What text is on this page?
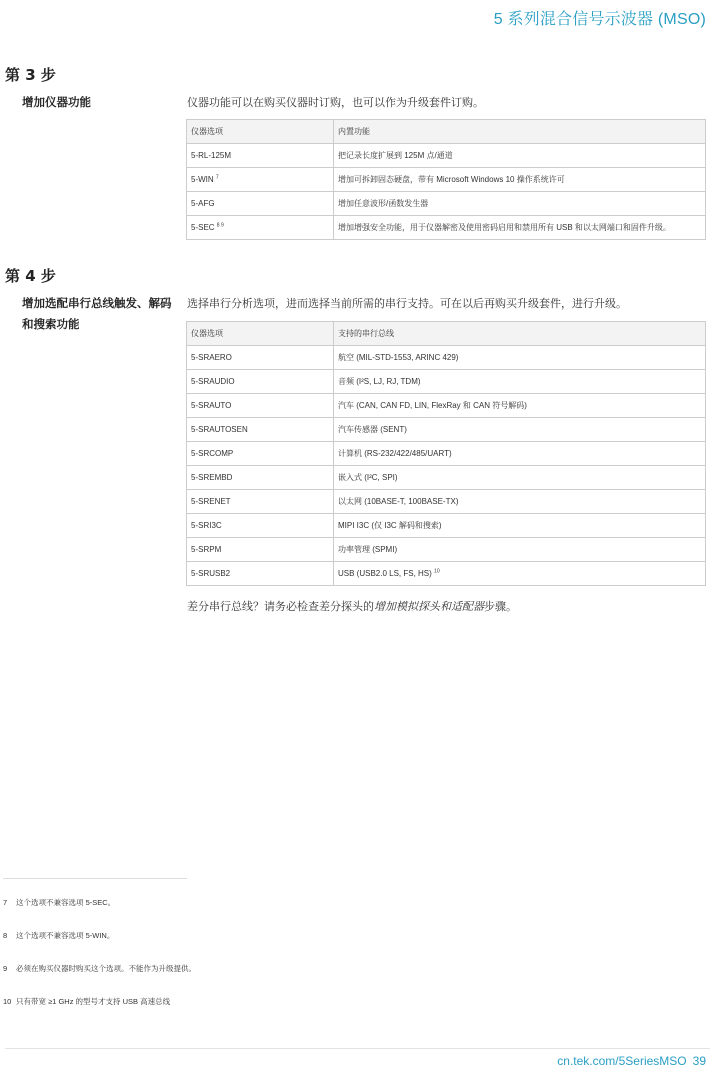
5 系列混合信号示波器 (MSO)
第 3 步
增加仪器功能	仪器功能可以在购买仪器时订购，也可以作为升级套件订购。
仪器选项	内置功能
5-RL-125M	把记录长度扩展到 125M 点/通道
5-WIN $^7$	增加可拆卸固态硬盘，带有 Microsoft Windows 10 操作系统许可
5-AFG	增加任意波形/函数发生器
5-SEC $^{8 9}$	增加增强安全功能，用于仪器解密及使用密码启用和禁用所有 USB 和以太网端口和固件升级。
第 4 步
增加选配串行总线触发、解码和搜索功能
选择串行分析选项，进而选择当前所需的串行支持。可在以后再购买升级套件，进行升级。
仪器选项	支持的串行总线
5-SRAERO	航空 (MIL-STD-1553, ARINC 429)
5-SRAUDIO	音频 (I²S, LJ, RJ, TDM)
5-SRAUTO	汽车 (CAN, CAN FD, LIN, FlexRay 和 CAN 符号解码)
5-SRAUTOSEN	汽车传感器 (SENT)
5-SRCOMP	计算机 (RS-232/422/485/UART)
5-SREMBD	嵌入式 (I²C, SPI)
5-SRENET	以太网 (10BASE-T, 100BASE-TX)
5-SRI3C	MIPI I3C (仅 I3C 解码和搜索)
5-SRPM	功率管理 (SPMI)
5-SRUSB2	USB (USB2.0 LS, FS, HS) $^{10}$
差分串行总线？请务必检查差分探头的增加模拟探头和适配器步骤。
7 这个选项不兼容选项 5-SEC。
8 这个选项不兼容选项 5-WIN。
9 必须在购买仪器时购买这个选项。不能作为升级提供。
10 只有带宽 ≥1 GHz 的型号才支持 USB 高速总线
cn.tek.com/5SeriesMSO 39
